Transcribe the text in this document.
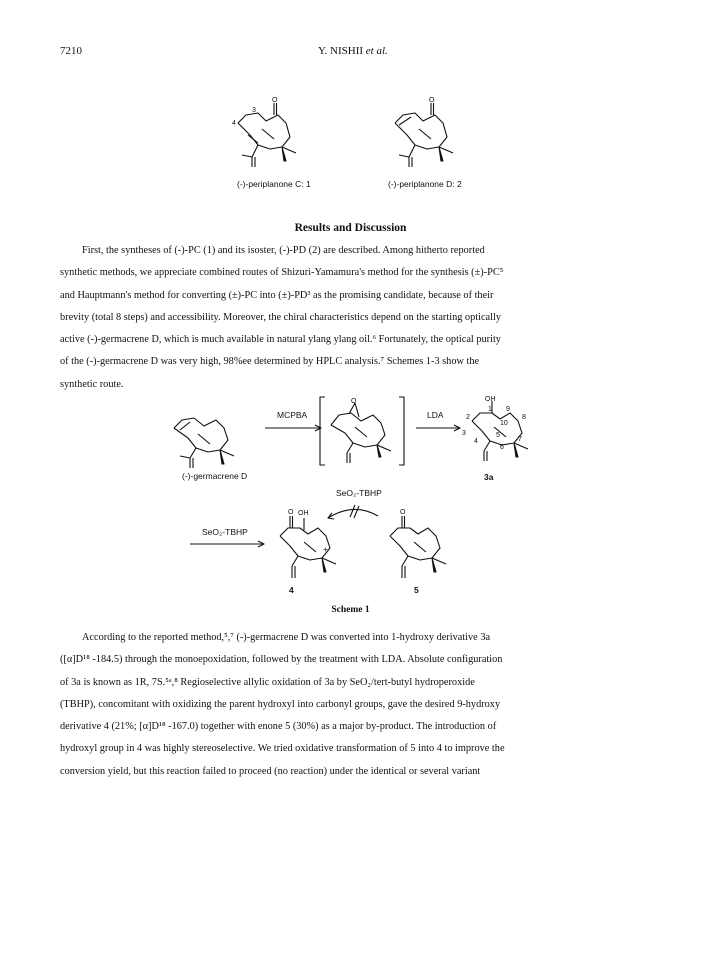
7210	Y. NISHII et al.
O
3
4
O
(-)-periplanone C: 1	(-)-periplanone D: 2
Results and Discussion

First, the syntheses of (-)-PC (1) and its isoster, (-)-PD (2) are described. Among hitherto reported

synthetic methods, we appreciate combined routes of Shizuri-Yamamura's method for the synthesis (±)-PC⁵

and Hauptmann's method for converting (±)-PC into (±)-PD³ as the promising candidate, because of their

brevity (total 8 steps) and accessibility. Moreover, the chiral characteristics depend on the starting optically

active (-)-germacrene D, which is much available in natural ylang ylang oil.⁶ Fortunately, the optical purity

of the (-)-germacrene D was very high, 98%ee determined by HPLC analysis.⁷ Schemes 1-3 show the

synthetic route.

(-)-germacrene D
MCPBA
O
LDA
OH
1 9
2	8
10
3	5
7
6
4
3a
SeO₂-TBHP
SeO₂-TBHP
O OH
+
4
O
5
Scheme 1

According to the reported method,⁵,⁷ (-)-germacrene D was converted into 1-hydroxy derivative 3a

([α]D¹⁸ -184.5) through the monoepoxidation, followed by the treatment with LDA. Absolute configuration

of 3a is known as 1R, 7S.⁵ᵃ,⁸ Regioselective allylic oxidation of 3a by SeO₂/tert-butyl hydroperoxide

(TBHP), concomitant with oxidizing the parent hydroxyl into carbonyl groups, gave the desired 9-hydroxy

derivative 4 (21%; [α]D¹⁸ -167.0) together with enone 5 (30%) as a major by-product. The introduction of

hydroxyl group in 4 was highly stereoselective. We tried oxidative transformation of 5 into 4 to improve the

conversion yield, but this reaction failed to proceed (no reaction) under the identical or several variant
